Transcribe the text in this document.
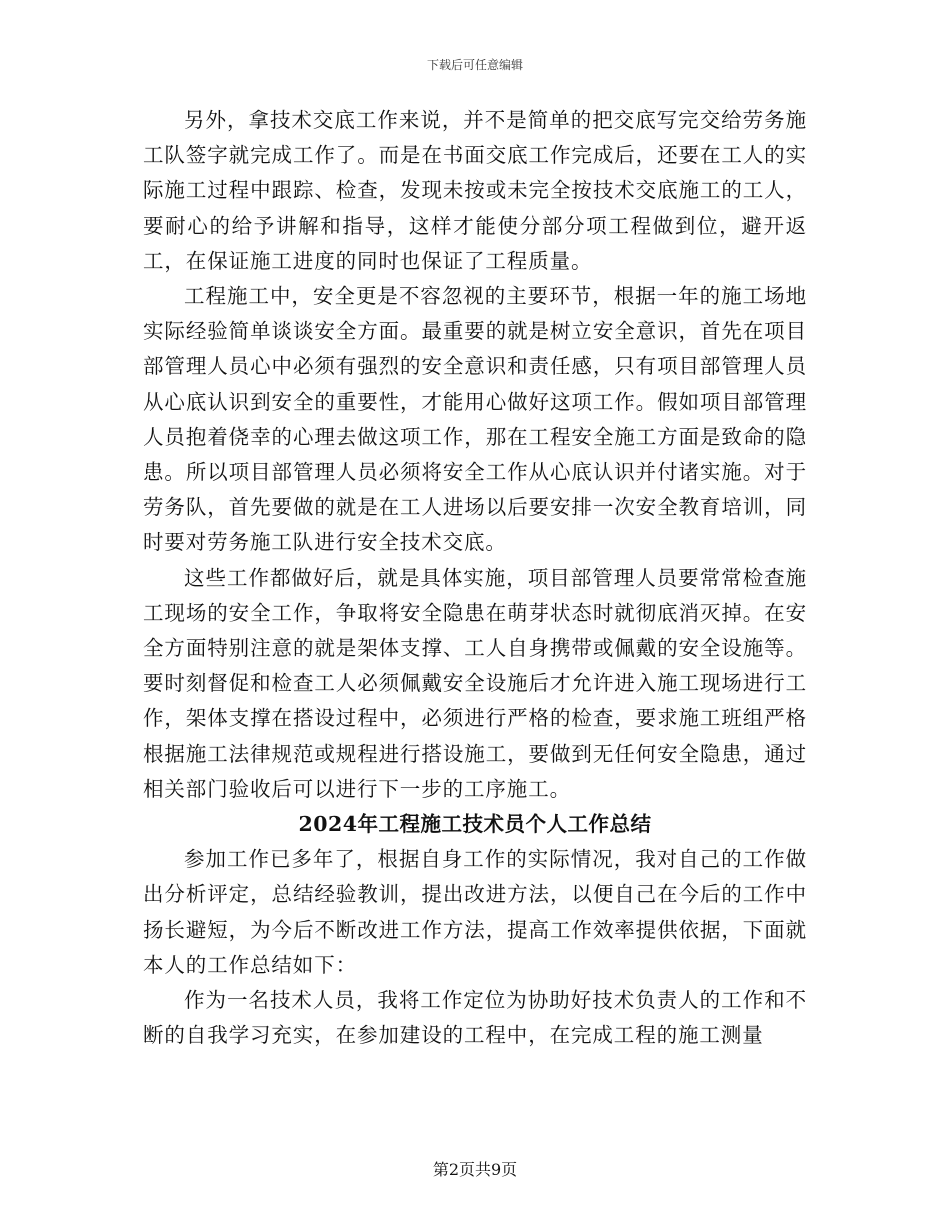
下载后可任意编辑

另外，拿技术交底工作来说，并不是简单的把交底写完交给劳务施工队签字就完成工作了。而是在书面交底工作完成后，还要在工人的实际施工过程中跟踪、检查，发现未按或未完全按技术交底施工的工人，要耐心的给予讲解和指导，这样才能使分部分项工程做到位，避开返工，在保证施工进度的同时也保证了工程质量。

工程施工中，安全更是不容忽视的主要环节，根据一年的施工场地实际经验简单谈谈安全方面。最重要的就是树立安全意识，首先在项目部管理人员心中必须有强烈的安全意识和责任感，只有项目部管理人员从心底认识到安全的重要性，才能用心做好这项工作。假如项目部管理人员抱着侥幸的心理去做这项工作，那在工程安全施工方面是致命的隐患。所以项目部管理人员必须将安全工作从心底认识并付诸实施。对于劳务队，首先要做的就是在工人进场以后要安排一次安全教育培训，同时要对劳务施工队进行安全技术交底。

这些工作都做好后，就是具体实施，项目部管理人员要常常检查施工现场的安全工作，争取将安全隐患在萌芽状态时就彻底消灭掉。在安全方面特别注意的就是架体支撑、工人自身携带或佩戴的安全设施等。要时刻督促和检查工人必须佩戴安全设施后才允许进入施工现场进行工作，架体支撑在搭设过程中，必须进行严格的检查，要求施工班组严格根据施工法律规范或规程进行搭设施工，要做到无任何安全隐患，通过相关部门验收后可以进行下一步的工序施工。

2024年工程施工技术员个人工作总结

参加工作已多年了，根据自身工作的实际情况，我对自己的工作做出分析评定，总结经验教训，提出改进方法，以便自己在今后的工作中扬长避短，为今后不断改进工作方法，提高工作效率提供依据，下面就本人的工作总结如下：

作为一名技术人员，我将工作定位为协助好技术负责人的工作和不断的自我学习充实，在参加建设的工程中，在完成工程的施工测量

第2页共9页
